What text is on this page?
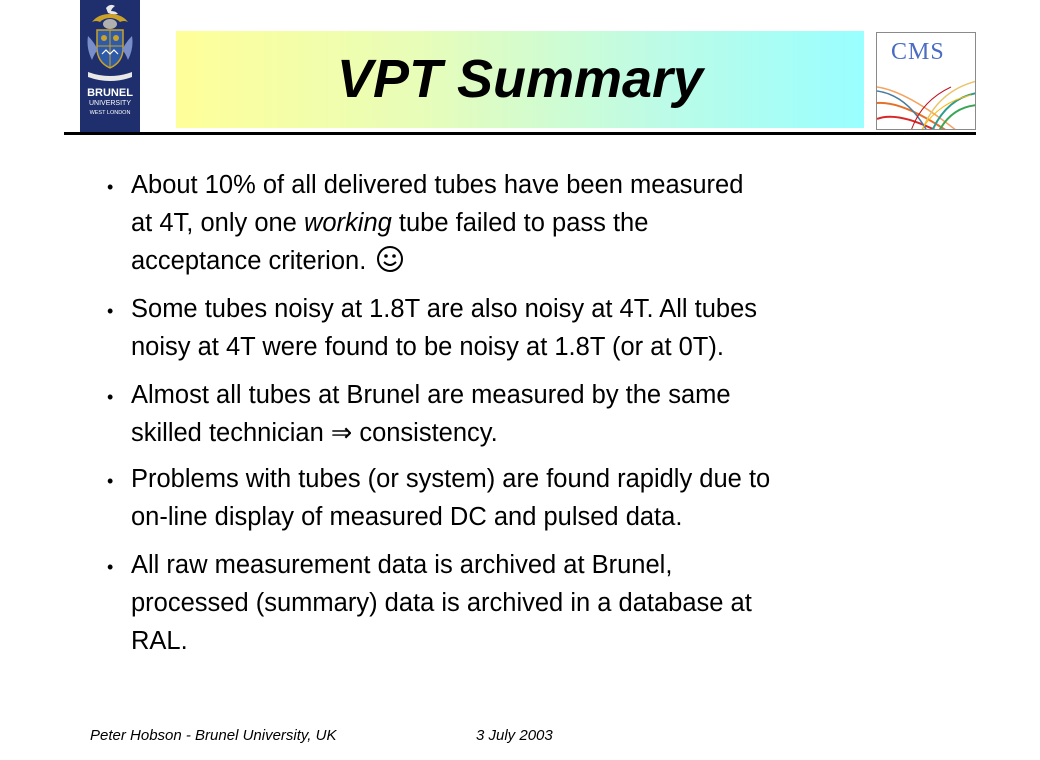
BRUNEL
UNIVERSITY
WEST LONDON
VPT Summary	CMS
• About 10% of all delivered tubes have been measured
at 4T, only one working tube failed to pass the
acceptance criterion.
• Some tubes noisy at 1.8T are also noisy at 4T. All tubes
noisy at 4T were found to be noisy at 1.8T (or at 0T).
• Almost all tubes at Brunel are measured by the same
skilled technician ⇒ consistency.
• Problems with tubes (or system) are found rapidly due to
on-line display of measured DC and pulsed data.
• All raw measurement data is archived at Brunel,
processed (summary) data is archived in a database at
RAL.
Peter Hobson - Brunel University, UK	3 July 2003
